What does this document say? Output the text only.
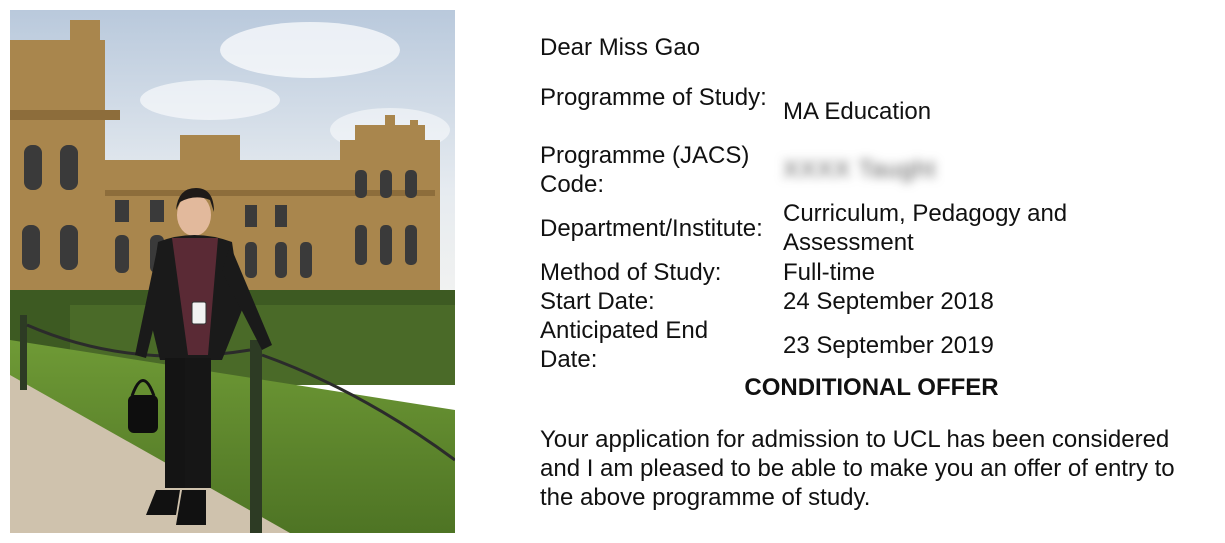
Dear Miss Gao
Programme of Study:
MA Education
Programme (JACS) Code:
XXXX Taught
Department/Institute:
Curriculum, Pedagogy and Assessment
Method of Study:	Full-time
Start Date:	24 September 2018
Anticipated End Date:
23 September 2019
CONDITIONAL OFFER
Your application for admission to UCL has been considered and I am pleased to be able to make you an offer of entry to the above programme of study.
